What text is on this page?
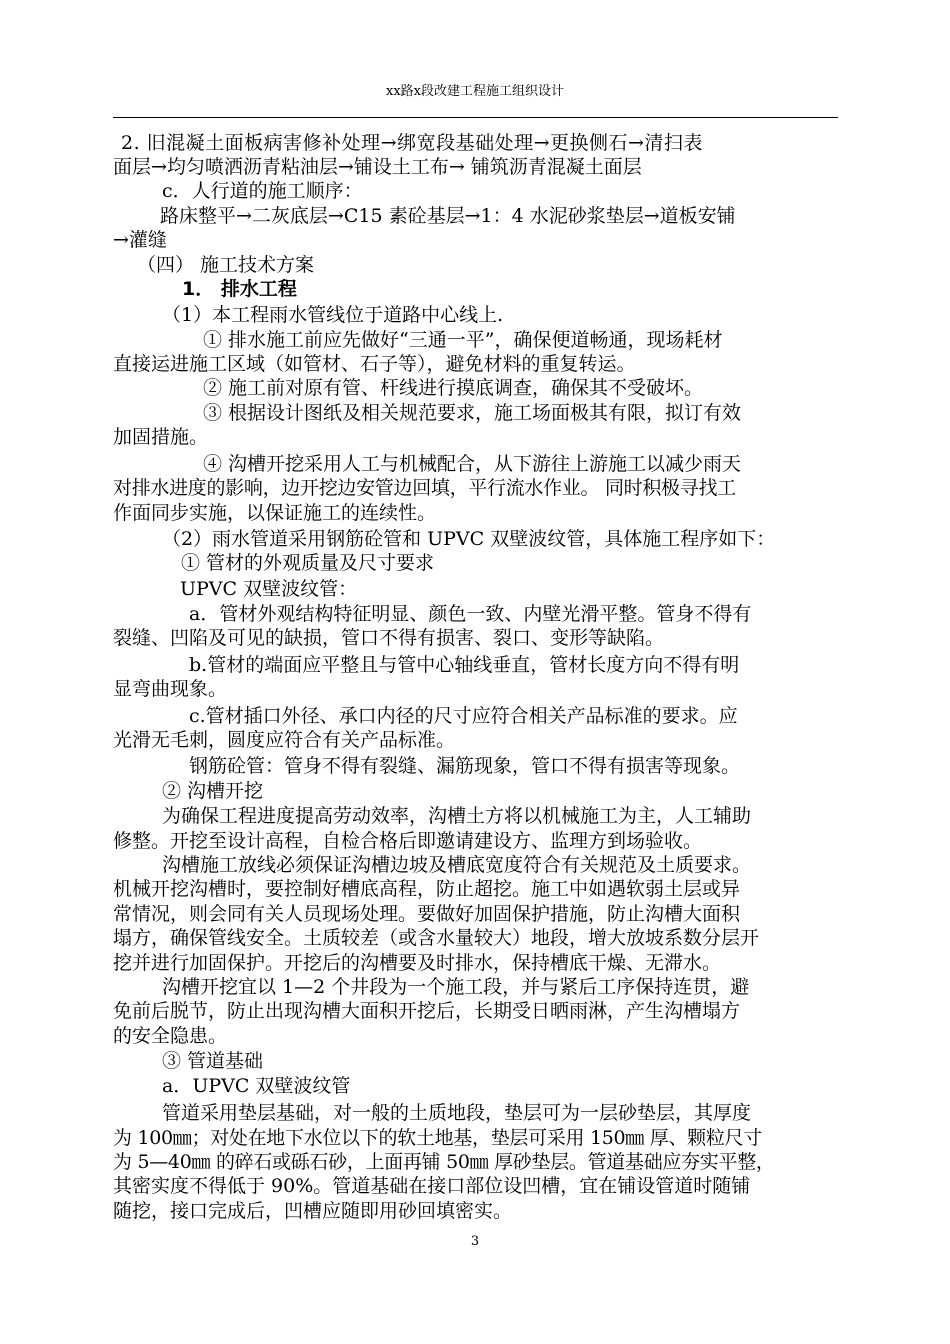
xx路x段改建工程施工组织设计
2. 旧混凝土面板病害修补处理→绑宽段基础处理→更换侧石→清扫表
面层→均匀喷洒沥青粘油层→铺设土工布→ 铺筑沥青混凝土面层
c．人行道的施工顺序：
路床整平→二灰底层→C15 素砼基层→1：4 水泥砂浆垫层→道板安铺
→灌缝
（四） 施工技术方案
1． 排水工程
（1）本工程雨水管线位于道路中心线上.
① 排水施工前应先做好“三通一平”，确保便道畅通，现场耗材
直接运进施工区域（如管材、石子等），避免材料的重复转运。
② 施工前对原有管、杆线进行摸底调查，确保其不受破坏。
③ 根据设计图纸及相关规范要求，施工场面极其有限，拟订有效
加固措施。
④ 沟槽开挖采用人工与机械配合，从下游往上游施工以减少雨天
对排水进度的影响，边开挖边安管边回填，平行流水作业。 同时积极寻找工
作面同步实施，以保证施工的连续性。
（2）雨水管道采用钢筋砼管和 UPVC 双壁波纹管，具体施工程序如下：
① 管材的外观质量及尺寸要求
UPVC 双壁波纹管：
a．管材外观结构特征明显、颜色一致、内壁光滑平整。管身不得有
裂缝、凹陷及可见的缺损，管口不得有损害、裂口、变形等缺陷。
b.管材的端面应平整且与管中心轴线垂直，管材长度方向不得有明
显弯曲现象。
c.管材插口外径、承口内径的尺寸应符合相关产品标准的要求。应
光滑无毛刺，圆度应符合有关产品标准。
钢筋砼管：管身不得有裂缝、漏筋现象，管口不得有损害等现象。
② 沟槽开挖
为确保工程进度提高劳动效率，沟槽土方将以机械施工为主，人工辅助
修整。开挖至设计高程，自检合格后即邀请建设方、监理方到场验收。
沟槽施工放线必须保证沟槽边坡及槽底宽度符合有关规范及土质要求。
机械开挖沟槽时，要控制好槽底高程，防止超挖。施工中如遇软弱土层或异
常情况，则会同有关人员现场处理。要做好加固保护措施，防止沟槽大面积
塌方，确保管线安全。土质较差（或含水量较大）地段，增大放坡系数分层开
挖并进行加固保护。开挖后的沟槽要及时排水，保持槽底干燥、无滞水。
沟槽开挖宜以 1—2 个井段为一个施工段，并与紧后工序保持连贯，避
免前后脱节，防止出现沟槽大面积开挖后，长期受日晒雨淋，产生沟槽塌方
的安全隐患。
③ 管道基础
a．UPVC 双壁波纹管
管道采用垫层基础，对一般的土质地段，垫层可为一层砂垫层，其厚度
为 100㎜；对处在地下水位以下的软土地基，垫层可采用 150㎜ 厚、颗粒尺寸
为 5—40㎜ 的碎石或砾石砂，上面再铺 50㎜ 厚砂垫层。管道基础应夯实平整，
其密实度不得低于 90%。管道基础在接口部位设凹槽，宜在铺设管道时随铺
随挖，接口完成后，凹槽应随即用砂回填密实。
3
